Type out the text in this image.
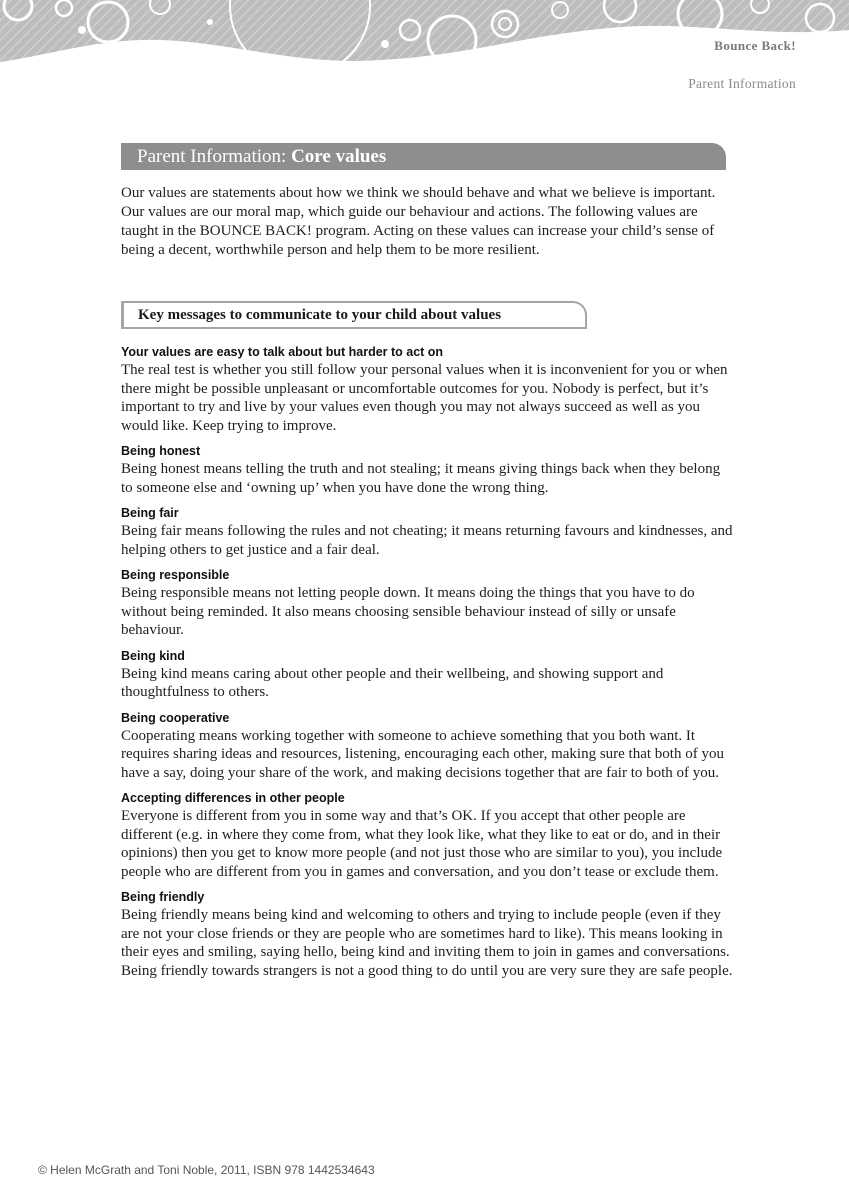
Bounce Back!
Parent Information
Parent Information: Core values

Our values are statements about how we think we should behave and what we believe is important. Our values are our moral map, which guide our behaviour and actions. The following values are taught in the BOUNCE BACK! program. Acting on these values can increase your child’s sense of being a decent, worthwhile person and help them to be more resilient.

Key messages to communicate to your child about values
Your values are easy to talk about but harder to act on

The real test is whether you still follow your personal values when it is inconvenient for you or when there might be possible unpleasant or uncomfortable outcomes for you. Nobody is perfect, but it’s important to try and live by your values even though you may not always succeed as well as you would like. Keep trying to improve.

Being honest

Being honest means telling the truth and not stealing; it means giving things back when they belong to someone else and ‘owning up’ when you have done the wrong thing.

Being fair

Being fair means following the rules and not cheating; it means returning favours and kindnesses, and helping others to get justice and a fair deal.

Being responsible

Being responsible means not letting people down. It means doing the things that you have to do without being reminded. It also means choosing sensible behaviour instead of silly or unsafe behaviour.

Being kind

Being kind means caring about other people and their wellbeing, and showing support and thoughtfulness to others.

Being cooperative

Cooperating means working together with someone to achieve something that you both want. It requires sharing ideas and resources, listening, encouraging each other, making sure that both of you have a say, doing your share of the work, and making decisions together that are fair to both of you.

Accepting differences in other people

Everyone is different from you in some way and that’s OK. If you accept that other people are different (e.g. in where they come from, what they look like, what they like to eat or do, and in their opinions) then you get to know more people (and not just those who are similar to you), you include people who are different from you in games and conversation, and you don’t tease or exclude them.

Being friendly

Being friendly means being kind and welcoming to others and trying to include people (even if they are not your close friends or they are people who are sometimes hard to like). This means looking in their eyes and smiling, saying hello, being kind and inviting them to join in games and conversations. Being friendly towards strangers is not a good thing to do until you are very sure they are safe people.

© Helen McGrath and Toni Noble, 2011, ISBN 978 1442534643
